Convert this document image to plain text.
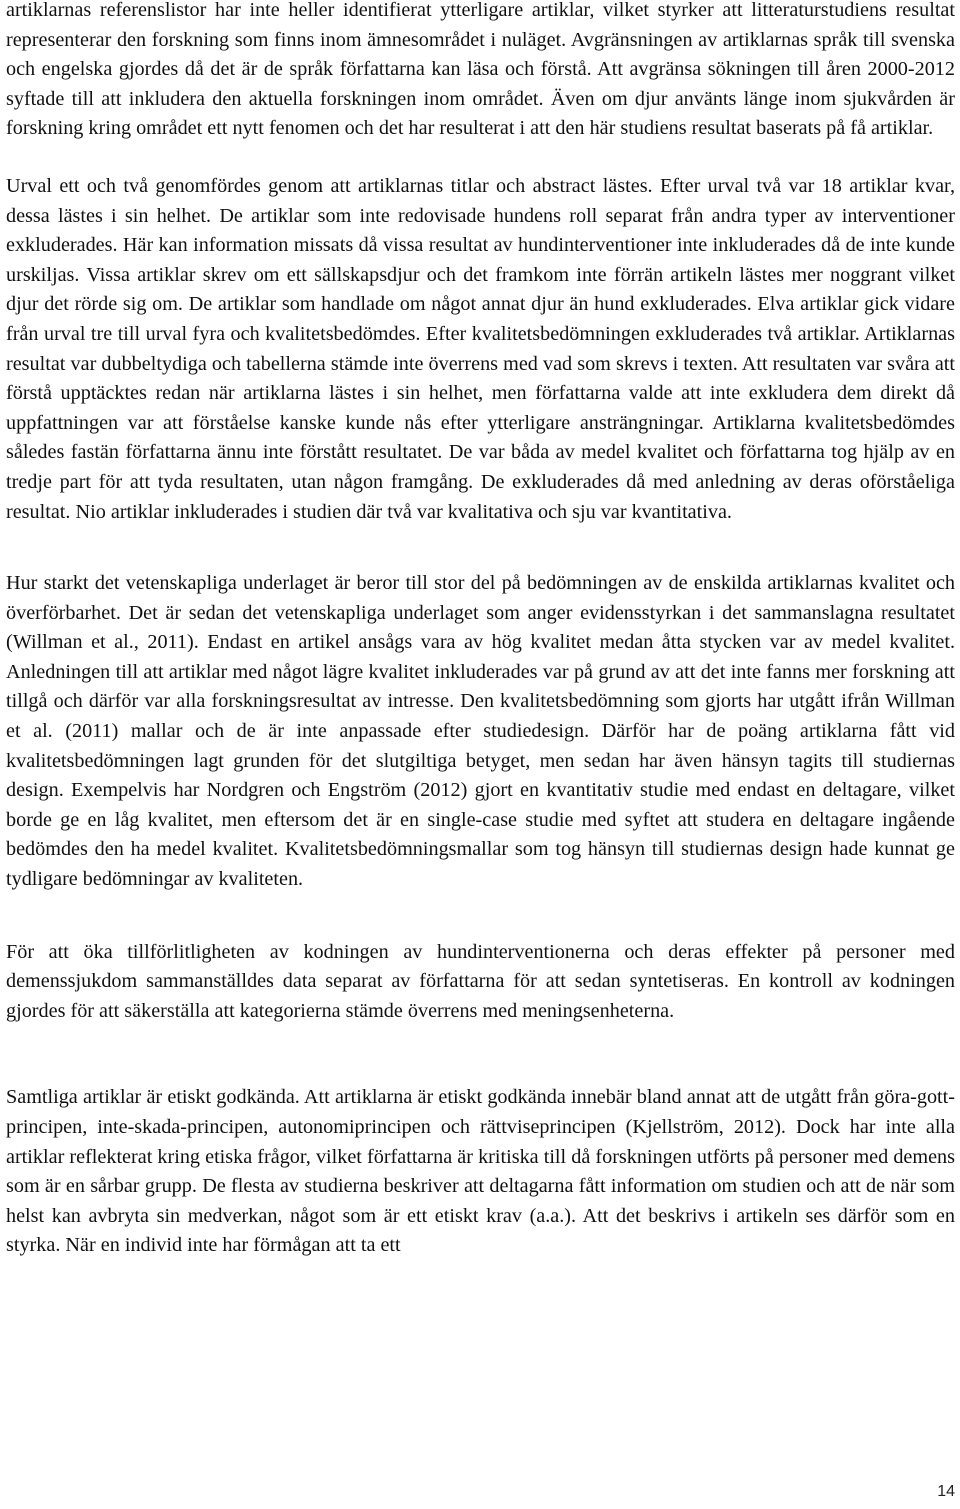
artiklarnas referenslistor har inte heller identifierat ytterligare artiklar, vilket styrker att litteraturstudiens resultat representerar den forskning som finns inom ämnesområdet i nuläget. Avgränsningen av artiklarnas språk till svenska och engelska gjordes då det är de språk författarna kan läsa och förstå. Att avgränsa sökningen till åren 2000-2012 syftade till att inkludera den aktuella forskningen inom området. Även om djur använts länge inom sjukvården är forskning kring området ett nytt fenomen och det har resulterat i att den här studiens resultat baserats på få artiklar.

Urval ett och två genomfördes genom att artiklarnas titlar och abstract lästes. Efter urval två var 18 artiklar kvar, dessa lästes i sin helhet. De artiklar som inte redovisade hundens roll separat från andra typer av interventioner exkluderades. Här kan information missats då vissa resultat av hundinterventioner inte inkluderades då de inte kunde urskiljas. Vissa artiklar skrev om ett sällskapsdjur och det framkom inte förrän artikeln lästes mer noggrant vilket djur det rörde sig om. De artiklar som handlade om något annat djur än hund exkluderades. Elva artiklar gick vidare från urval tre till urval fyra och kvalitetsbedömdes. Efter kvalitetsbedömningen exkluderades två artiklar. Artiklarnas resultat var dubbeltydiga och tabellerna stämde inte överrens med vad som skrevs i texten. Att resultaten var svåra att förstå upptäcktes redan när artiklarna lästes i sin helhet, men författarna valde att inte exkludera dem direkt då uppfattningen var att förståelse kanske kunde nås efter ytterligare ansträngningar. Artiklarna kvalitetsbedömdes således fastän författarna ännu inte förstått resultatet. De var båda av medel kvalitet och författarna tog hjälp av en tredje part för att tyda resultaten, utan någon framgång. De exkluderades då med anledning av deras oförståeliga resultat. Nio artiklar inkluderades i studien där två var kvalitativa och sju var kvantitativa.

Hur starkt det vetenskapliga underlaget är beror till stor del på bedömningen av de enskilda artiklarnas kvalitet och överförbarhet. Det är sedan det vetenskapliga underlaget som anger evidensstyrkan i det sammanslagna resultatet (Willman et al., 2011). Endast en artikel ansågs vara av hög kvalitet medan åtta stycken var av medel kvalitet. Anledningen till att artiklar med något lägre kvalitet inkluderades var på grund av att det inte fanns mer forskning att tillgå och därför var alla forskningsresultat av intresse. Den kvalitetsbedömning som gjorts har utgått ifrån Willman et al. (2011) mallar och de är inte anpassade efter studiedesign. Därför har de poäng artiklarna fått vid kvalitetsbedömningen lagt grunden för det slutgiltiga betyget, men sedan har även hänsyn tagits till studiernas design. Exempelvis har Nordgren och Engström (2012) gjort en kvantitativ studie med endast en deltagare, vilket borde ge en låg kvalitet, men eftersom det är en single-case studie med syftet att studera en deltagare ingående bedömdes den ha medel kvalitet. Kvalitetsbedömningsmallar som tog hänsyn till studiernas design hade kunnat ge tydligare bedömningar av kvaliteten.

För att öka tillförlitligheten av kodningen av hundinterventionerna och deras effekter på personer med demenssjukdom sammanställdes data separat av författarna för att sedan syntetiseras. En kontroll av kodningen gjordes för att säkerställa att kategorierna stämde överrens med meningsenheterna.

Samtliga artiklar är etiskt godkända. Att artiklarna är etiskt godkända innebär bland annat att de utgått från göra-gott-principen, inte-skada-principen, autonomiprincipen och rättviseprincipen (Kjellström, 2012). Dock har inte alla artiklar reflekterat kring etiska frågor, vilket författarna är kritiska till då forskningen utförts på personer med demens som är en sårbar grupp. De flesta av studierna beskriver att deltagarna fått information om studien och att de när som helst kan avbryta sin medverkan, något som är ett etiskt krav (a.a.). Att det beskrivs i artikeln ses därför som en styrka. När en individ inte har förmågan att ta ett

14
